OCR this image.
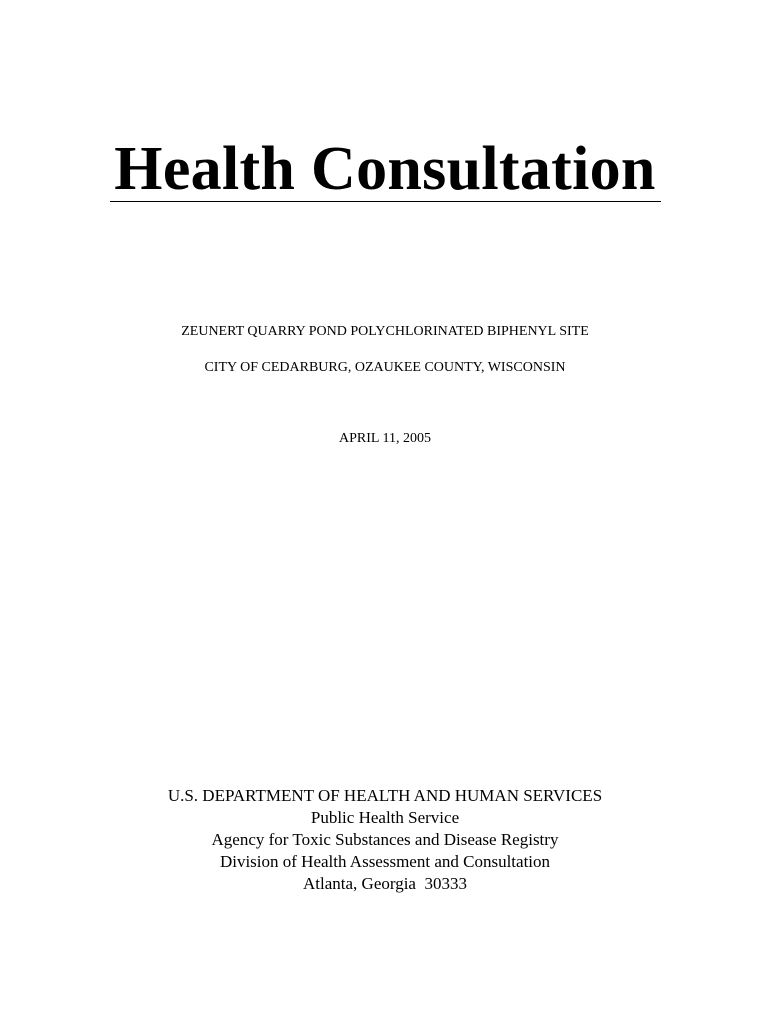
Health Consultation
ZEUNERT QUARRY POND POLYCHLORINATED BIPHENYL SITE
CITY OF CEDARBURG, OZAUKEE COUNTY, WISCONSIN
APRIL 11, 2005
U.S. DEPARTMENT OF HEALTH AND HUMAN SERVICES
Public Health Service
Agency for Toxic Substances and Disease Registry
Division of Health Assessment and Consultation
Atlanta, Georgia  30333
